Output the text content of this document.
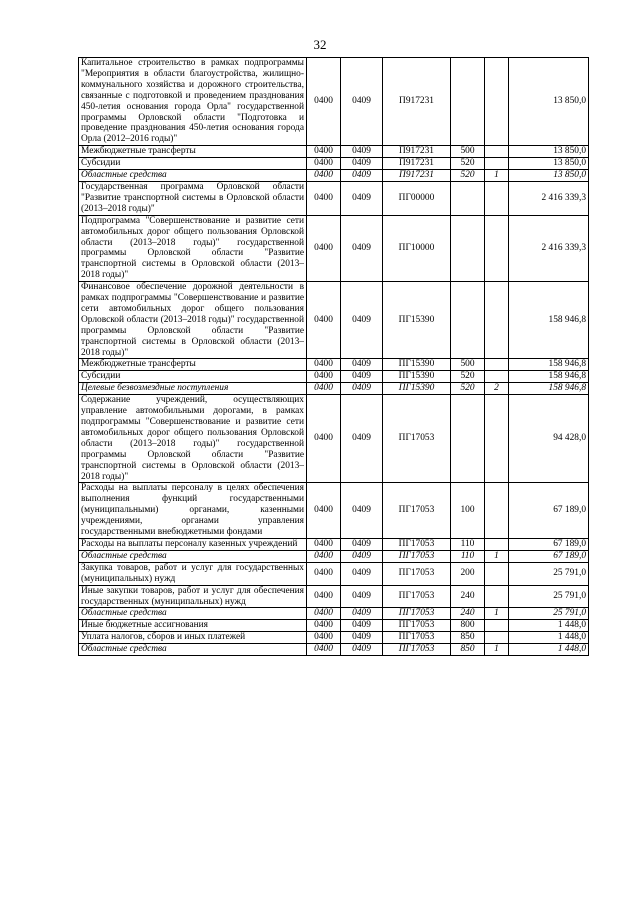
32
Капитальное строительство в рамках подпрограммы "Мероприятия в области благоустройства, жилищно-коммунального хозяйства и дорожного строительства, связанные с подготовкой и проведением празднования 450-летия основания города Орла" государственной программы Орловской области "Подготовка и проведение празднования 450-летия основания города Орла (2012–2016 годы)"	0400	0409	П917231			13 850,0
Межбюджетные трансферты	0400	0409	П917231	500		13 850,0
Субсидии	0400	0409	П917231	520		13 850,0
Областные средства	0400	0409	П917231	520	1	13 850,0
Государственная программа Орловской области "Развитие транспортной системы в Орловской области (2013–2018 годы)"	0400	0409	ПГ00000			2 416 339,3
Подпрограмма "Совершенствование и развитие сети автомобильных дорог общего пользования Орловской области (2013–2018 годы)" государственной программы Орловской области "Развитие транспортной системы в Орловской области (2013–2018 годы)"	0400	0409	ПГ10000			2 416 339,3
Финансовое обеспечение дорожной деятельности в рамках подпрограммы "Совершенствование и развитие сети автомобильных дорог общего пользования Орловской области (2013–2018 годы)" государственной программы Орловской области "Развитие транспортной системы в Орловской области (2013–2018 годы)"	0400	0409	ПГ15390			158 946,8
Межбюджетные трансферты	0400	0409	ПГ15390	500		158 946,8
Субсидии	0400	0409	ПГ15390	520		158 946,8
Целевые безвозмездные поступления	0400	0409	ПГ15390	520	2	158 946,8
Содержание учреждений, осуществляющих управление автомобильными дорогами, в рамках подпрограммы "Совершенствование и развитие сети автомобильных дорог общего пользования Орловской области (2013–2018 годы)" государственной программы Орловской области "Развитие транспортной системы в Орловской области (2013–2018 годы)"	0400	0409	ПГ17053			94 428,0
Расходы на выплаты персоналу в целях обеспечения выполнения функций государственными (муниципальными) органами, казенными учреждениями, органами управления государственными внебюджетными фондами	0400	0409	ПГ17053	100		67 189,0
Расходы на выплаты персоналу казенных учреждений	0400	0409	ПГ17053	110		67 189,0
Областные средства	0400	0409	ПГ17053	110	1	67 189,0
Закупка товаров, работ и услуг для государственных (муниципальных) нужд	0400	0409	ПГ17053	200		25 791,0
Иные закупки товаров, работ и услуг для обеспечения государственных (муниципальных) нужд	0400	0409	ПГ17053	240		25 791,0
Областные средства	0400	0409	ПГ17053	240	1	25 791,0
Иные бюджетные ассигнования	0400	0409	ПГ17053	800		1 448,0
Уплата налогов, сборов и иных платежей	0400	0409	ПГ17053	850		1 448,0
Областные средства	0400	0409	ПГ17053	850	1	1 448,0
